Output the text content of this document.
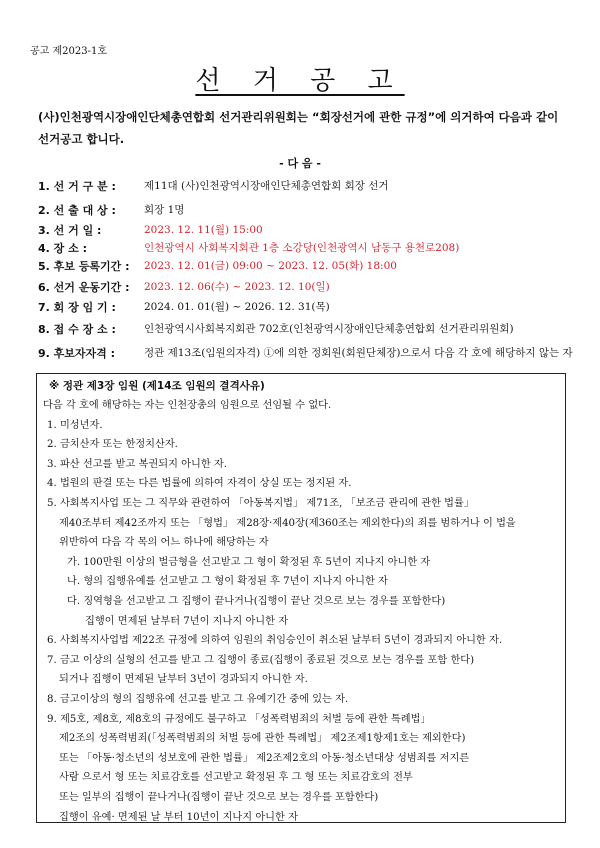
공고 제2023-1호
선 거 공 고
(사)인천광역시장애인단체총연합회 선거관리위원회는 “회장선거에 관한 규정”에 의거하여 다음과 같이 선거공고 합니다.
- 다 음 -
1. 선 거 구 분 :	제11대 (사)인천광역시장애인단체총연합회 회장 선거
2. 선 출 대 상 :	회장 1명
3. 선 거 일 :	2023. 12. 11(월) 15:00
4. 장 소 :	인천광역시 사회복지회관 1층 소강당(인천광역시 남동구 용천로208)
5. 후보 등록기간 : 2023. 12. 01(금) 09:00 ~ 2023. 12. 05(화) 18:00
6. 선거 운동기간 : 2023. 12. 06(수) ~ 2023. 12. 10(일)
7. 회 장 임 기 :	2024. 01. 01(월) ~ 2026. 12. 31(목)
8. 접 수 장 소 :	인천광역시사회복지회관 702호(인천광역시장애인단체총연합회 선거관리위원회)
9. 후보자자격 :	정관 제13조(임원의자격) ①에 의한 정회원(회원단체장)으로서 다음 각 호에 해당하지 않는 자
※ 정관 제3장 임원 (제14조 임원의 결격사유)
다음 각 호에 해당하는 자는 인천장총의 임원으로 선임될 수 없다.
1. 미성년자.
2. 금치산자 또는 한정치산자.
3. 파산 선고를 받고 복권되지 아니한 자.
4. 법원의 판결 또는 다른 법률에 의하여 자격이 상실 또는 정지된 자.
5. 사회복지사업 또는 그 직무와 관련하여 「아동복지법」 제71조, 「보조금 관리에 관한 법률」
제40조부터 제42조까지 또는 「형법」 제28장·제40장(제360조는 제외한다)의 죄를 범하거나 이 법을
위반하여 다음 각 목의 어느 하나에 해당하는 자
가. 100만원 이상의 벌금형을 선고받고 그 형이 확정된 후 5년이 지나지 아니한 자
나. 형의 집행유예를 선고받고 그 형이 확정된 후 7년이 지나지 아니한 자
다. 징역형을 선고받고 그 집행이 끝나거나(집행이 끝난 것으로 보는 경우를 포함한다)
집행이 면제된 날부터 7년이 지나지 아니한 자
6. 사회복지사업법 제22조 규정에 의하여 임원의 취임승인이 취소된 날부터 5년이 경과되지 아니한 자.
7. 금고 이상의 실형의 선고를 받고 그 집행이 종료(집행이 종료된 것으로 보는 경우를 포함 한다)
되거나 집행이 면제된 날부터 3년이 경과되지 아니한 자.
8. 금고이상의 형의 집행유예 선고를 받고 그 유예기간 중에 있는 자.
9. 제5호, 제8호, 제8호의 규정에도 불구하고 「성폭력범죄의 처벌 등에 관한 특례법」
제2조의 성폭력범죄(「성폭력범죄의 처벌 등에 관한 특례법」 제2조제1항제1호는 제외한다)
또는 「아동·청소년의 성보호에 관한 법률」 제2조제2호의 아동·청소년대상 성범죄를 저지른
사람 으로서 형 또는 치료감호를 선고받고 확정된 후 그 형 또는 치료감호의 전부
또는 일부의 집행이 끝나거나(집행이 끝난 것으로 보는 경우를 포함한다)
집행이 유예· 면제된 날 부터 10년이 지나지 아니한 자
